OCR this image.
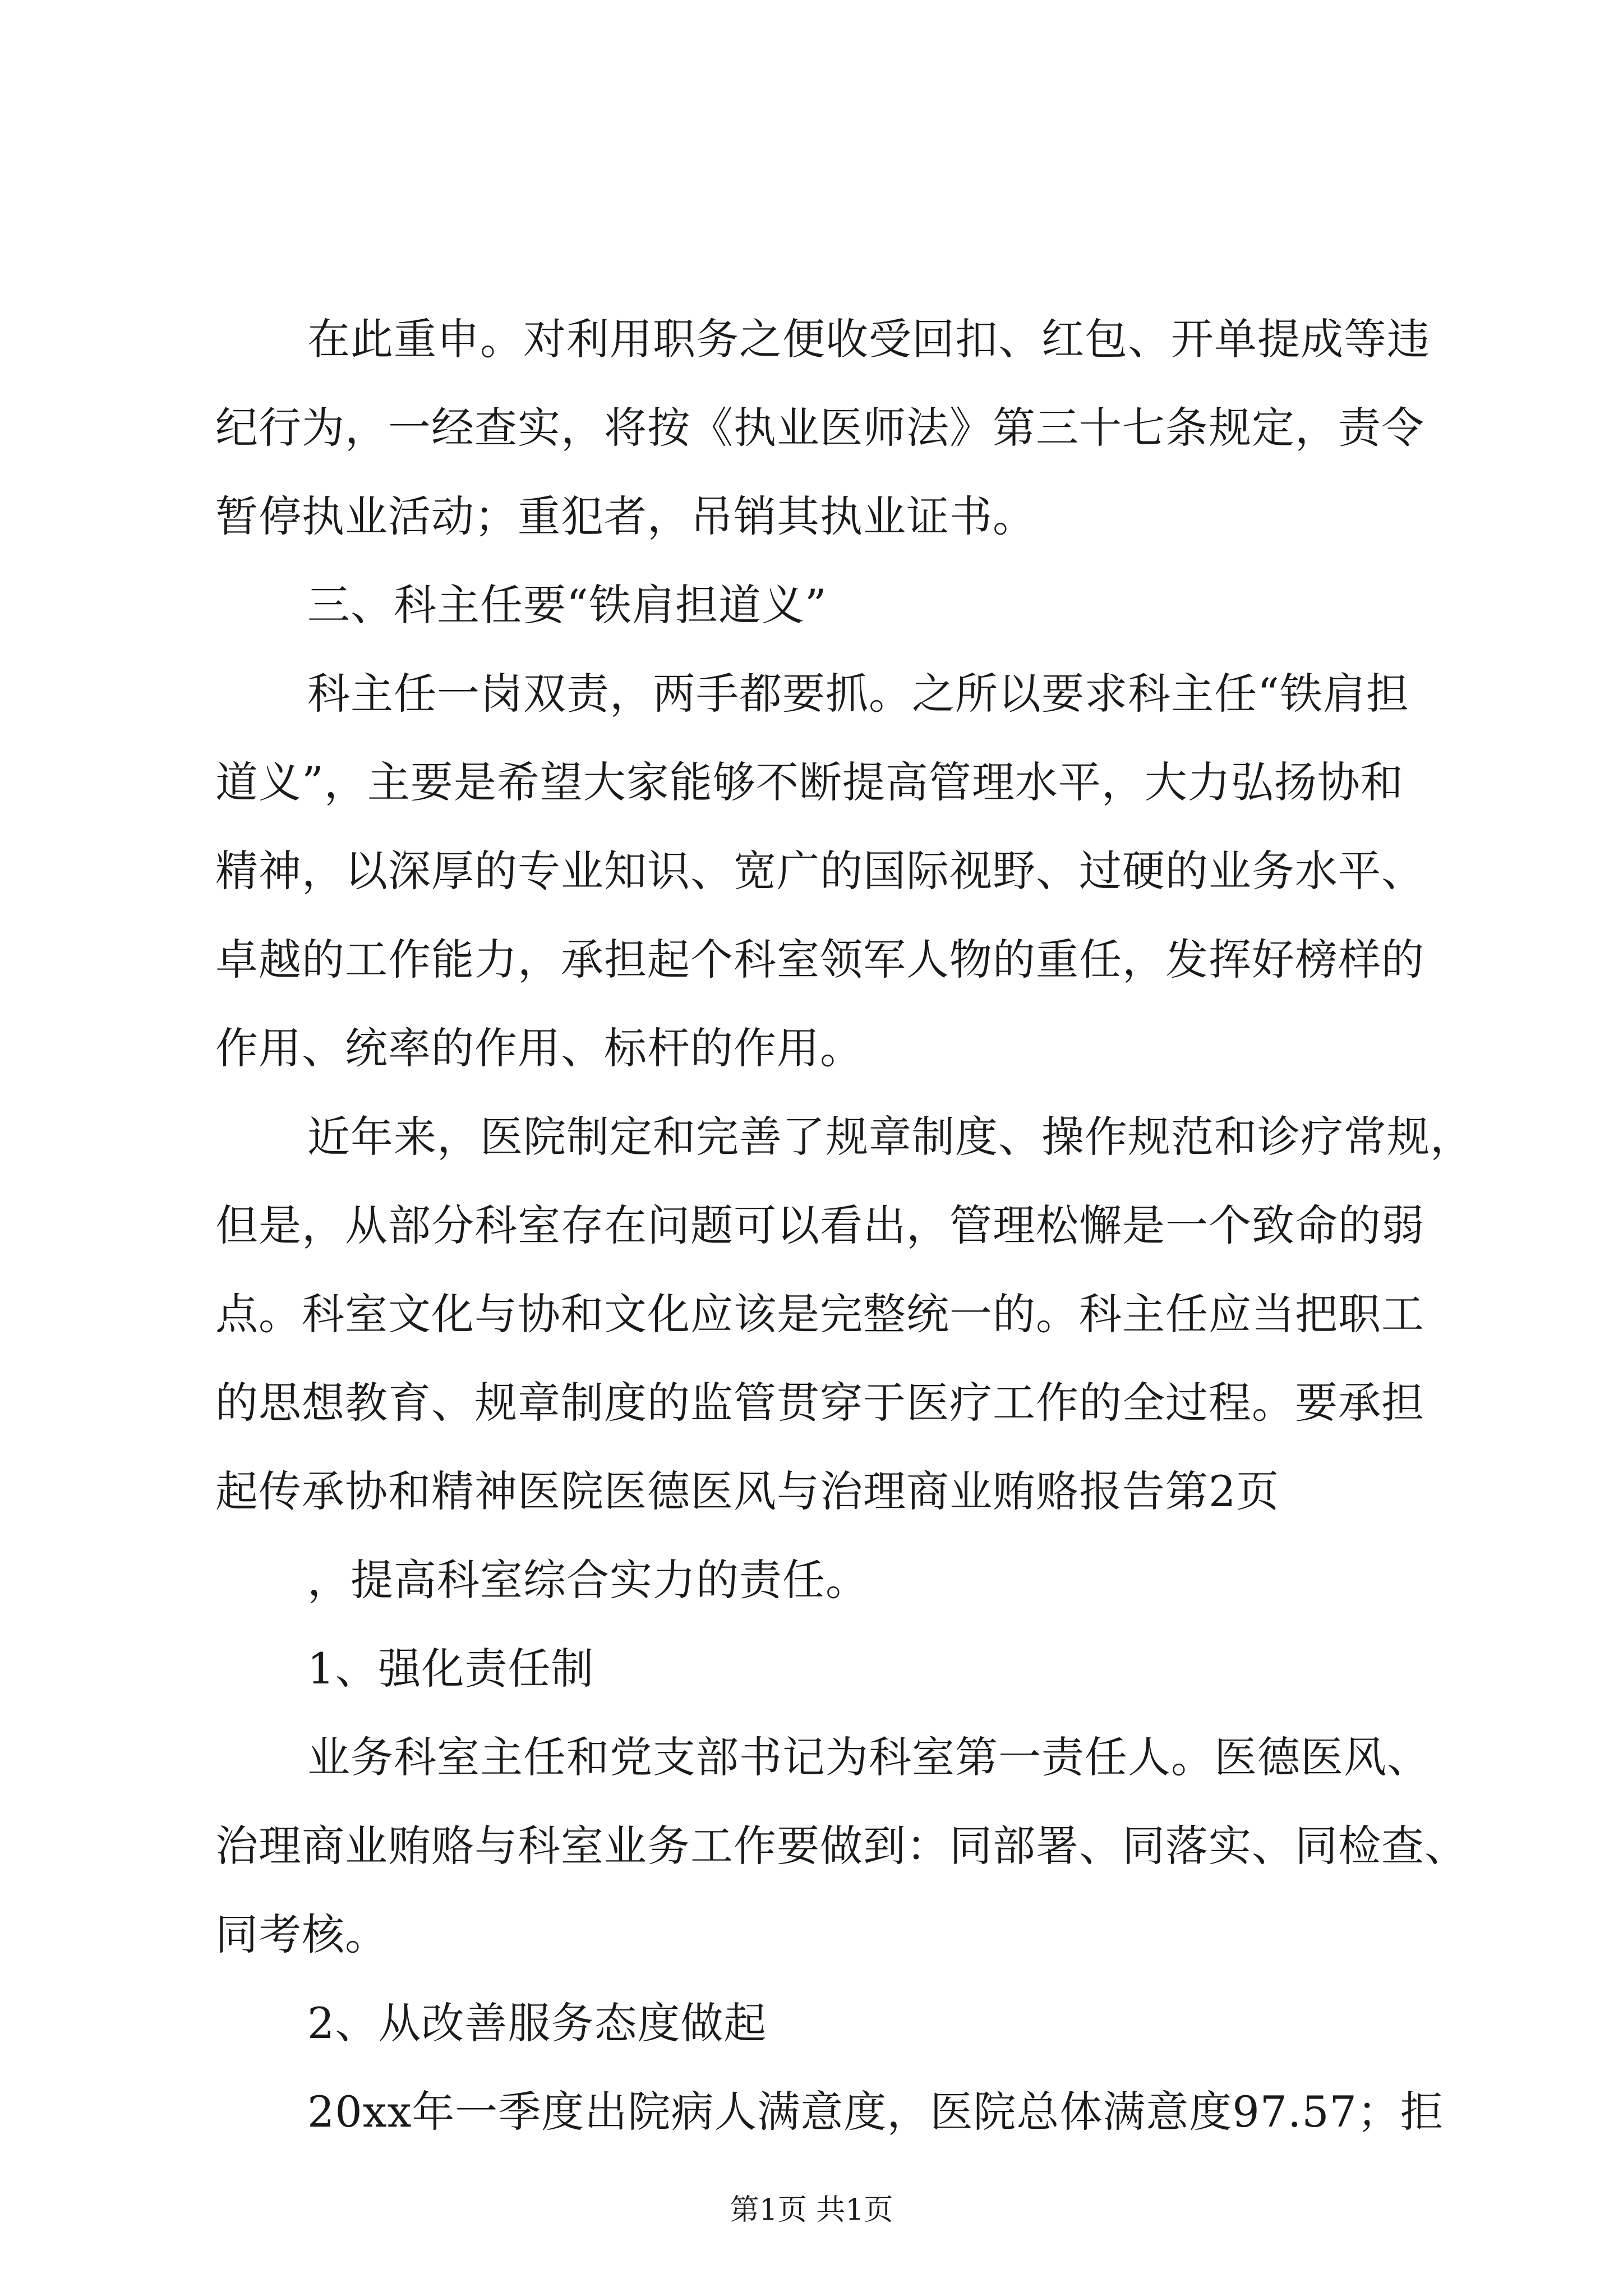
在此重申。对利用职务之便收受回扣、红包、开单提成等违
纪行为，一经查实，将按《执业医师法》第三十七条规定，责令
暂停执业活动；重犯者，吊销其执业证书。
三、科主任要“铁肩担道义”
科主任一岗双责，两手都要抓。之所以要求科主任“铁肩担
道义”，主要是希望大家能够不断提高管理水平，大力弘扬协和
精神，以深厚的专业知识、宽广的国际视野、过硬的业务水平、
卓越的工作能力，承担起个科室领军人物的重任，发挥好榜样的
作用、统率的作用、标杆的作用。
近年来，医院制定和完善了规章制度、操作规范和诊疗常规，
但是，从部分科室存在问题可以看出，管理松懈是一个致命的弱
点。科室文化与协和文化应该是完整统一的。科主任应当把职工
的思想教育、规章制度的监管贯穿于医疗工作的全过程。要承担
起传承协和精神医院医德医风与治理商业贿赂报告第2页
，提高科室综合实力的责任。
1、强化责任制
业务科室主任和党支部书记为科室第一责任人。医德医风、
治理商业贿赂与科室业务工作要做到：同部署、同落实、同检查、
同考核。
2、从改善服务态度做起
20xx年一季度出院病人满意度，医院总体满意度97.57；拒
第1页 共1页
